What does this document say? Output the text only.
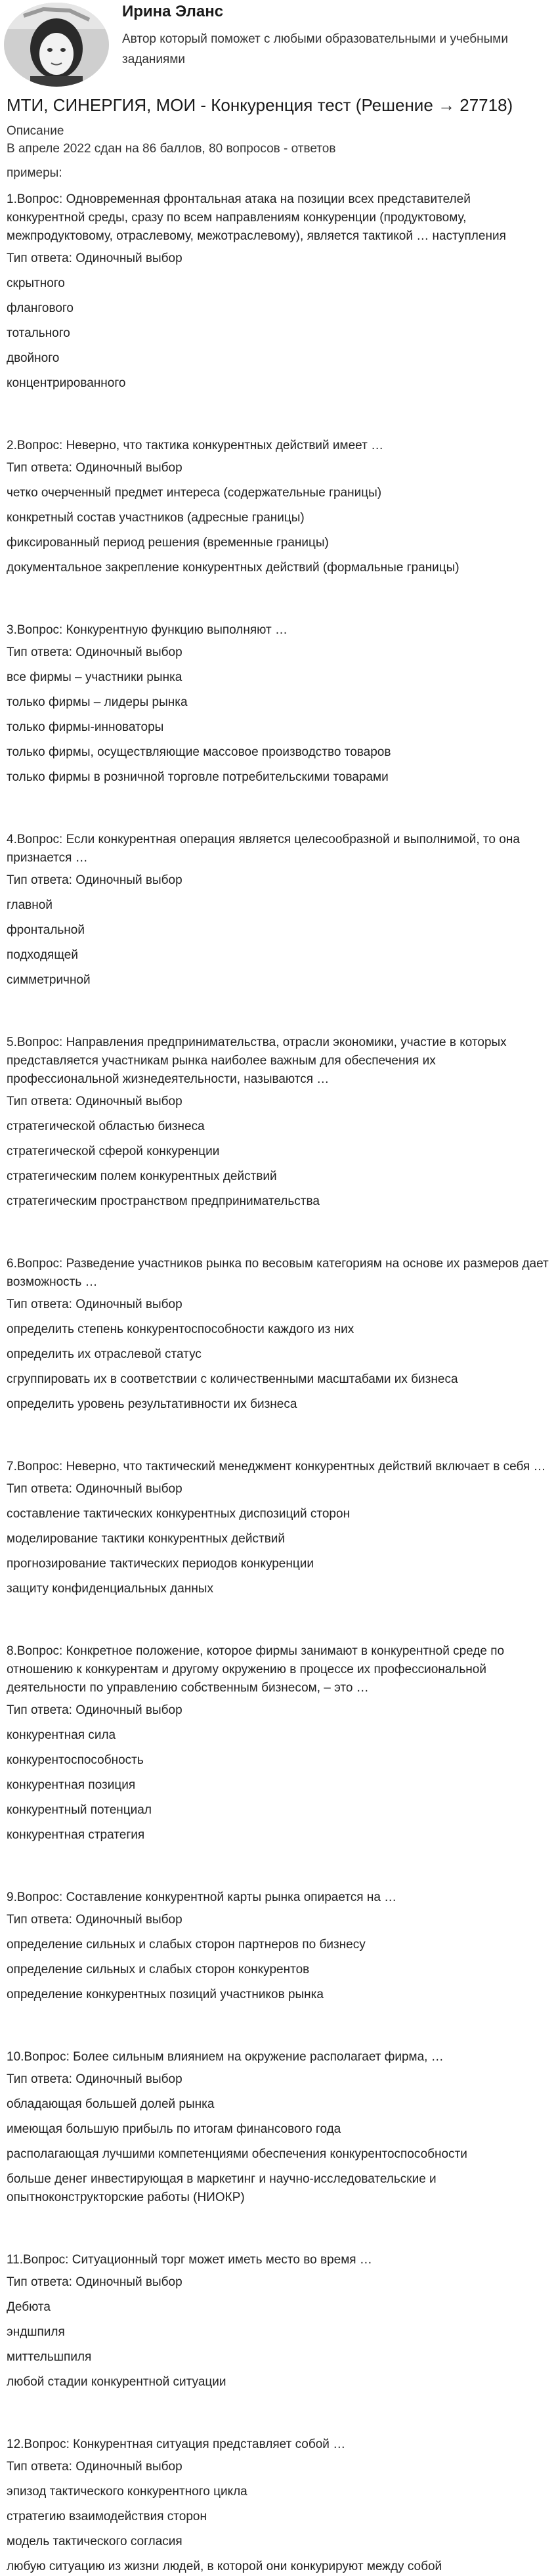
Ирина Эланс
Автор который поможет с любыми образовательными и учебными заданиями
МТИ, СИНЕРГИЯ, МОИ - Конкуренция тест (Решение → 27718)
Описание
В апреле 2022 сдан на 86 баллов, 80 вопросов - ответов
примеры:
1.Вопрос: Одновременная фронтальная атака на позиции всех представителей конкурентной среды, сразу по всем направлениям конкуренции (продуктовому, межпродуктовому, отраслевому, межотраслевому), является тактикой … наступления
Тип ответа: Одиночный выбор
скрытного
флангового
тотального
двойного
концентрированного
2.Вопрос: Неверно, что тактика конкурентных действий имеет …
Тип ответа: Одиночный выбор
четко очерченный предмет интереса (содержательные границы)
конкретный состав участников (адресные границы)
фиксированный период решения (временные границы)
документальное закрепление конкурентных действий (формальные границы)
3.Вопрос: Конкурентную функцию выполняют …
Тип ответа: Одиночный выбор
все фирмы – участники рынка
только фирмы – лидеры рынка
только фирмы-инноваторы
только фирмы, осуществляющие массовое производство товаров
только фирмы в розничной торговле потребительскими товарами
4.Вопрос: Если конкурентная операция является целесообразной и выполнимой, то она признается …
Тип ответа: Одиночный выбор
главной
фронтальной
подходящей
симметричной
5.Вопрос: Направления предпринимательства, отрасли экономики, участие в которых представляется участникам рынка наиболее важным для обеспечения их профессиональной жизнедеятельности, называются …
Тип ответа: Одиночный выбор
стратегической областью бизнеса
стратегической сферой конкуренции
стратегическим полем конкурентных действий
стратегическим пространством предпринимательства
6.Вопрос: Разведение участников рынка по весовым категориям на основе их размеров дает возможность …
Тип ответа: Одиночный выбор
определить степень конкурентоспособности каждого из них
определить их отраслевой статус
сгруппировать их в соответствии с количественными масштабами их бизнеса
определить уровень результативности их бизнеса
7.Вопрос: Неверно, что тактический менеджмент конкурентных действий включает в себя …
Тип ответа: Одиночный выбор
составление тактических конкурентных диспозиций сторон
моделирование тактики конкурентных действий
прогнозирование тактических периодов конкуренции
защиту конфиденциальных данных
8.Вопрос: Конкретное положение, которое фирмы занимают в конкурентной среде по отношению к конкурентам и другому окружению в процессе их профессиональной деятельности по управлению собственным бизнесом, – это …
Тип ответа: Одиночный выбор
конкурентная сила
конкурентоспособность
конкурентная позиция
конкурентный потенциал
конкурентная стратегия
9.Вопрос: Составление конкурентной карты рынка опирается на …
Тип ответа: Одиночный выбор
определение сильных и слабых сторон партнеров по бизнесу
определение сильных и слабых сторон конкурентов
определение конкурентных позиций участников рынка
10.Вопрос: Более сильным влиянием на окружение располагает фирма, …
Тип ответа: Одиночный выбор
обладающая большей долей рынка
имеющая большую прибыль по итогам финансового года
располагающая лучшими компетенциями обеспечения конкурентоспособности
больше денег инвестирующая в маркетинг и научно-исследовательские и опытноконструкторские работы (НИОКР)
11.Вопрос: Ситуационный торг может иметь место во время …
Тип ответа: Одиночный выбор
Дебюта
эндшпиля
миттельшпиля
любой стадии конкурентной ситуации
12.Вопрос: Конкурентная ситуация представляет собой …
Тип ответа: Одиночный выбор
эпизод тактического конкурентного цикла
стратегию взаимодействия сторон
модель тактического согласия
любую ситуацию из жизни людей, в которой они конкурируют между собой
